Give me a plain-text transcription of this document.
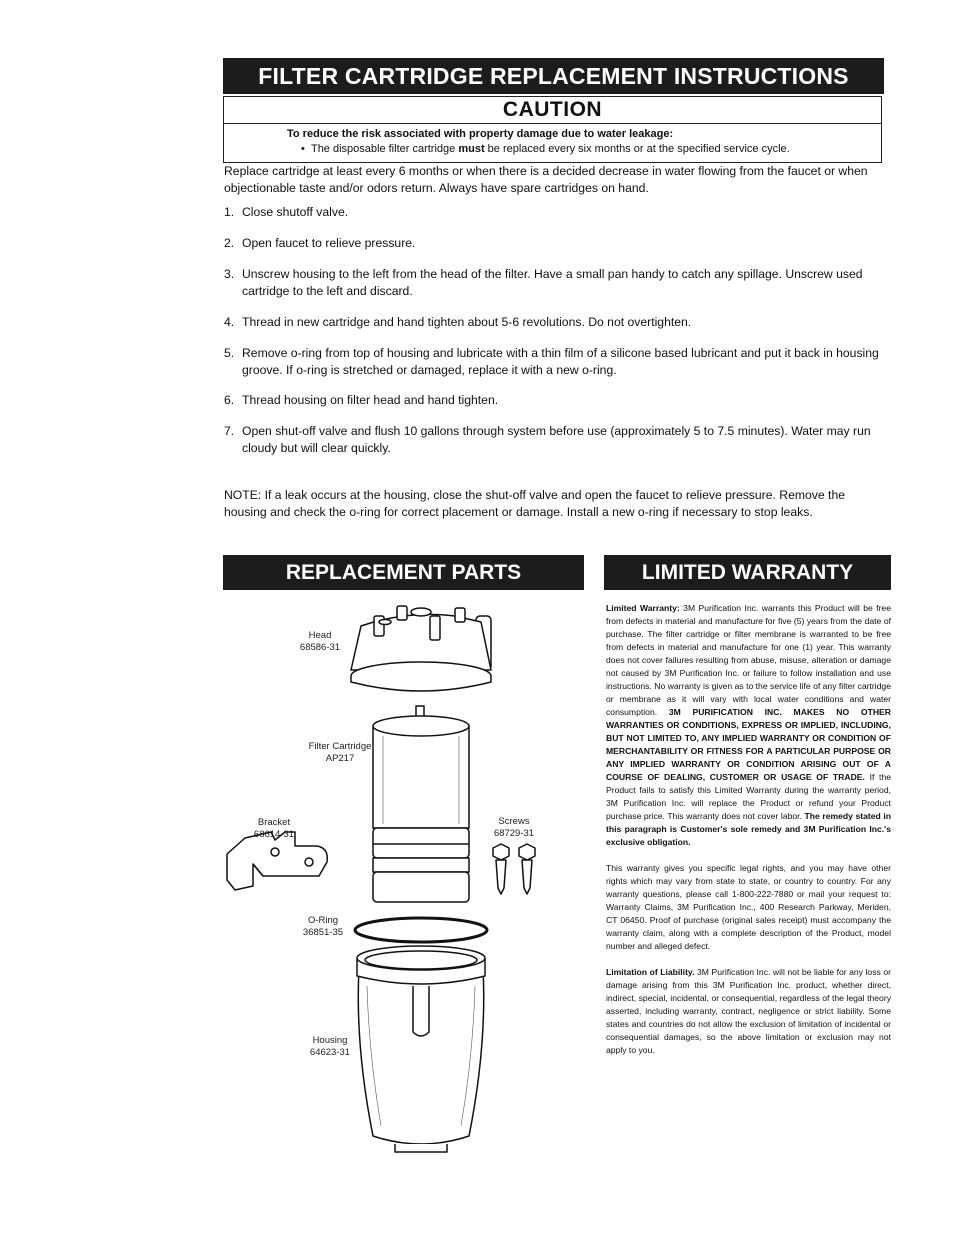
FILTER CARTRIDGE REPLACEMENT INSTRUCTIONS
CAUTION
To reduce the risk associated with property damage due to water leakage:
•  The disposable filter cartridge must be replaced every six months or at the specified service cycle.
Replace cartridge at least every 6 months or when there is a decided decrease in water flowing from the faucet or when objectionable taste and/or odors return. Always have spare cartridges on hand.
1. Close shutoff valve.
2. Open faucet to relieve pressure.
3. Unscrew housing to the left from the head of the filter. Have a small pan handy to catch any spillage. Unscrew used cartridge to the left and discard.
4. Thread in new cartridge and hand tighten about 5-6 revolutions. Do not overtighten.
5. Remove o-ring from top of housing and lubricate with a thin film of a silicone based lubricant and put it back in housing groove. If o-ring is stretched or damaged, replace it with a new o-ring.
6. Thread housing on filter head and hand tighten.
7. Open shut-off valve and flush 10 gallons through system before use (approximately 5 to 7.5 minutes). Water may run cloudy but will clear quickly.
NOTE: If a leak occurs at the housing, close the shut-off valve and open the faucet to relieve pressure. Remove the housing and check the o-ring for correct placement or damage. Install a new o-ring if necessary to stop leaks.
REPLACEMENT PARTS	LIMITED WARRANTY
Head
68586-31
Filter Cartridge
AP217
Bracket
68614-31
Screws
68729-31
O-Ring
36851-35
Housing
64623-31

Limited Warranty: 3M Purification Inc. warrants this Product will be free from defects in material and manufacture for five (5) years from the date of purchase. The filter cartridge or filter membrane is warranted to be free from defects in material and manufacture for one (1) year. This warranty does not cover failures resulting from abuse, misuse, alteration or damage not caused by 3M Purification Inc. or failure to follow installation and use instructions. No warranty is given as to the service life of any filter cartridge or membrane as it will vary with local water conditions and water consumption. 3M PURIFICATION INC. MAKES NO OTHER WARRANTIES OR CONDITIONS, EXPRESS OR IMPLIED, INCLUDING, BUT NOT LIMITED TO, ANY IMPLIED WARRANTY OR CONDITION OF MERCHANTABILITY OR FITNESS FOR A PARTICULAR PURPOSE OR ANY IMPLIED WARRANTY OR CONDITION ARISING OUT OF A COURSE OF DEALING, CUSTOMER OR USAGE OF TRADE. If the Product fails to satisfy this Limited Warranty during the warranty period, 3M Purification Inc. will replace the Product or refund your Product purchase price. This warranty does not cover labor. The remedy stated in this paragraph is Customer's sole remedy and 3M Purification Inc.'s exclusive obligation.

This warranty gives you specific legal rights, and you may have other rights which may vary from state to state, or country to country. For any warranty questions, please call 1-800-222-7880 or mail your request to: Warranty Claims, 3M Purification Inc., 400 Research Parkway, Meriden, CT 06450. Proof of purchase (original sales receipt) must accompany the warranty claim, along with a complete description of the Product, model number and alleged defect.

Limitation of Liability. 3M Purification Inc. will not be liable for any loss or damage arising from this 3M Purification Inc. product, whether direct, indirect, special, incidental, or consequential, regardless of the legal theory asserted, including warranty, contract, negligence or strict liability. Some states and countries do not allow the exclusion of limitation of incidental or consequential damages, so the above limitation or exclusion may not apply to you.
